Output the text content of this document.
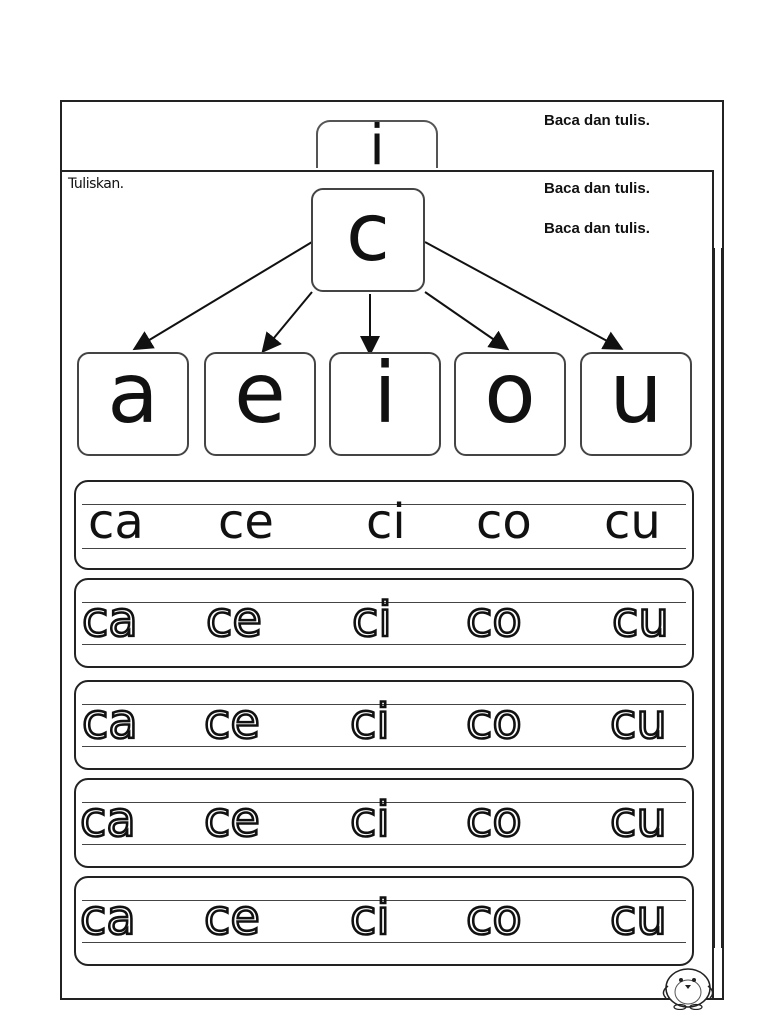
i	Baca dan tulis.
Baca dan tulis.
Baca dan tulis.
Tuliskan.
c
a e i o u
ca ce ci co cu
ca ce ci co cu
ca ce ci co cu
ca ce ci co cu
ca ce ci co cu
